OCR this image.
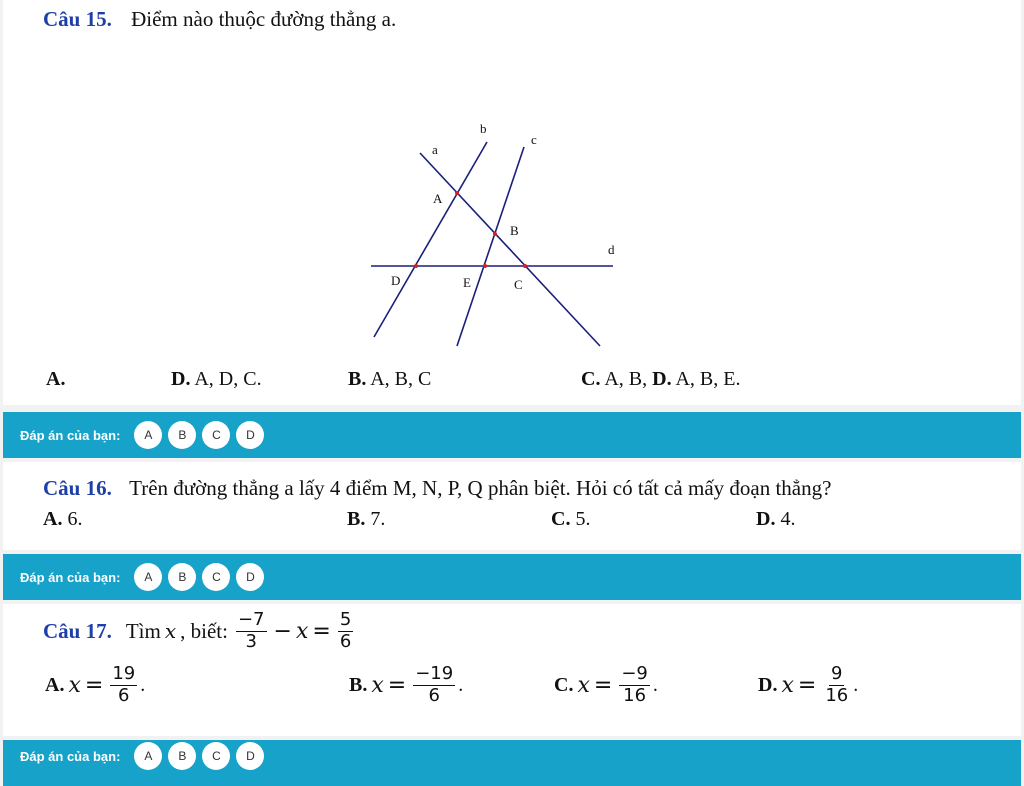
Câu 15. Điểm nào thuộc đường thẳng a.
a
b
c
d
A
B
C
D	E
A.	D. A, D, C.	B. A, B, C	C. A, B, D. A, B, E.
Đáp án của bạn:	A	B	C	D
Câu 16. Trên đường thẳng a lấy 4 điểm M, N, P, Q phân biệt. Hỏi có tất cả mấy đoạn thẳng?
A. 6.	B. 7.	C. 5.	D. 4.
Đáp án của bạn:	A	B	C	D
Câu 17. Tìm x , biết: $\frac{-7}{3} - x = \frac{5}{6}$
A. $x = \frac{19}{6}$ .	B. $x = \frac{-19}{6}$ .	C. $x = \frac{-9}{16}$ .	D. $x = \frac{9}{16}$ .
Đáp án của bạn:	A	B	C	D
